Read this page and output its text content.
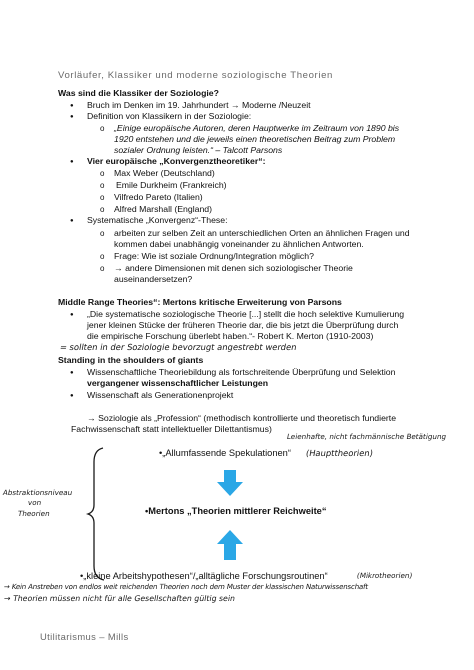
Vorläufer, Klassiker und moderne soziologische Theorien
Was sind die Klassiker der Soziologie?
●
Bruch im Denken im 19. Jahrhundert → Moderne /Neuzeit
●
Definition von Klassikern in der Soziologie:
o
„Einige europäische Autoren, deren Hauptwerke im Zeitraum von 1890 bis
1920 entstehen und die jeweils einen theoretischen Beitrag zum Problem
sozialer Ordnung leisten.“ – Talcott Parsons
●
Vier europäische „Konvergenztheoretiker“:
o
Max Weber (Deutschland)
o
Emile Durkheim (Frankreich)
o
Vilfredo Pareto (Italien)
o
Alfred Marshall (England)
●
Systematische „Konvergenz“-These:
o
arbeiten zur selben Zeit an unterschiedlichen Orten an ähnlichen Fragen und
kommen dabei unabhängig voneinander zu ähnlichen Antworten.
o
Frage: Wie ist soziale Ordnung/Integration möglich?
o
→ andere Dimensionen mit denen sich soziologischer Theorie
auseinandersetzen?
Middle Range Theories“: Mertons kritische Erweiterung von Parsons
●
„Die systematische soziologische Theorie [...] stellt die hoch selektive Kumulierung
jener kleinen Stücke der früheren Theorie dar, die bis jetzt die Überprüfung durch
die empirische Forschung überlebt haben.“- Robert K. Merton (1910-2003)
= sollten in der Soziologie bevorzugt angestrebt werden
Standing in the shoulders of giants
●
Wissenschaftliche Theoriebildung als fortschreitende Überprüfung und Selektion
vergangener wissenschaftlicher Leistungen
●
Wissenschaft als Generationenprojekt
→ Soziologie als „Profession“ (methodisch kontrollierte und theoretisch fundierte
Fachwissenschaft statt intellektueller Dilettantismus)
Leienhafte, nicht fachmännische Betätigung
•„Allumfassende Spekulationen“ (Haupttheorien)
•Mertons „Theorien mittlerer Reichweite“
•„kleine Arbeitshypothesen“/„alltägliche Forschungsroutinen“	(Mikrotheorien)
Abstraktionsniveau
von
Theorien
→ Kein Anstreben von endlos weit reichenden Theorien noch dem Muster der klassischen Naturwissenschaft
→ Theorien müssen nicht für alle Gesellschaften gültig sein
Utilitarismus – Mills
